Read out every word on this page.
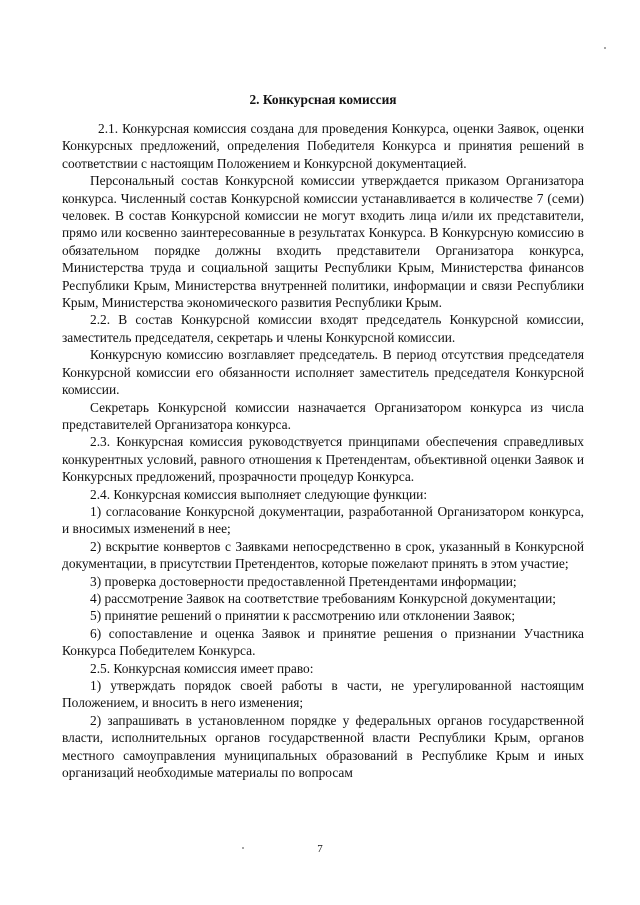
2. Конкурсная комиссия

2.1. Конкурсная комиссия создана для проведения Конкурса, оценки Заявок, оценки Конкурсных предложений, определения Победителя Конкурса и принятия решений в соответствии с настоящим Положением и Конкурсной документацией.

Персональный состав Конкурсной комиссии утверждается приказом Организатора конкурса. Численный состав Конкурсной комиссии устанавливается в количестве 7 (семи) человек. В состав Конкурсной комиссии не могут входить лица и/или их представители, прямо или косвенно заинтересованные в результатах Конкурса. В Конкурсную комиссию в обязательном порядке должны входить представители Организатора конкурса, Министерства труда и социальной защиты Республики Крым, Министерства финансов Республики Крым, Министерства внутренней политики, информации и связи Республики Крым, Министерства экономического развития Республики Крым.

2.2. В состав Конкурсной комиссии входят председатель Конкурсной комиссии, заместитель председателя, секретарь и члены Конкурсной комиссии.

Конкурсную комиссию возглавляет председатель. В период отсутствия председателя Конкурсной комиссии его обязанности исполняет заместитель председателя Конкурсной комиссии.

Секретарь Конкурсной комиссии назначается Организатором конкурса из числа представителей Организатора конкурса.

2.3. Конкурсная комиссия руководствуется принципами обеспечения справедливых конкурентных условий, равного отношения к Претендентам, объективной оценки Заявок и Конкурсных предложений, прозрачности процедур Конкурса.

2.4. Конкурсная комиссия выполняет следующие функции:

1) согласование Конкурсной документации, разработанной Организатором конкурса, и вносимых изменений в нее;

2) вскрытие конвертов с Заявками непосредственно в срок, указанный в Конкурсной документации, в присутствии Претендентов, которые пожелают принять в этом участие;

3) проверка достоверности предоставленной Претендентами информации;

4) рассмотрение Заявок на соответствие требованиям Конкурсной документации;

5) принятие решений о принятии к рассмотрению или отклонении Заявок;

6) сопоставление и оценка Заявок и принятие решения о признании Участника Конкурса Победителем Конкурса.

2.5. Конкурсная комиссия имеет право:

1) утверждать порядок своей работы в части, не урегулированной настоящим Положением, и вносить в него изменения;

2) запрашивать в установленном порядке у федеральных органов государственной власти, исполнительных органов государственной власти Республики Крым, органов местного самоуправления муниципальных образований в Республике Крым и иных организаций необходимые материалы по вопросам

7
